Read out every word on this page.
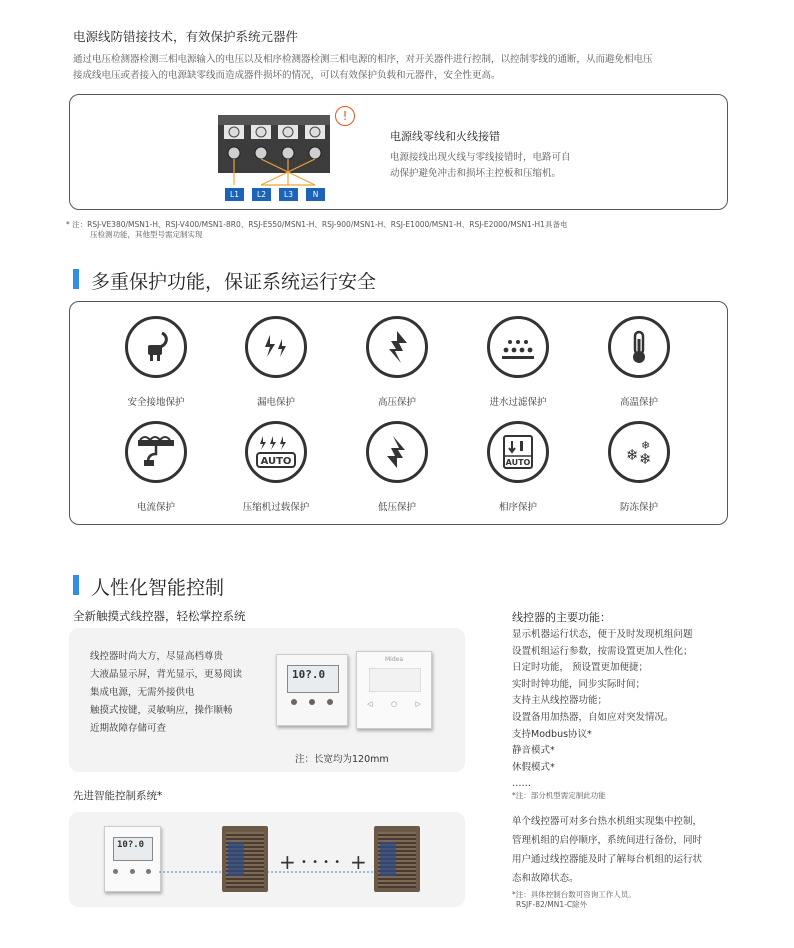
电源线防错接技术，有效保护系统元器件
通过电压检测器检测三相电源输入的电压以及相序检测器检测三相电源的相序，对开关器件进行控制，以控制零线的通断，从而避免相电压
接成线电压或者接入的电源缺零线而造成器件损坏的情况，可以有效保护负载和元器件，安全性更高。
L1	L2	L3	N
!
电源线零线和火线接错
电源接线出现火线与零线接错时，电路可自
动保护避免冲击和损坏主控板和压缩机。
* 注：RSJ-VE380/MSN1-H、RSJ-V400/MSN1-8R0、RSJ-E550/MSN1-H、RSJ-900/MSN1-H、RSJ-E1000/MSN1-H、RSJ-E2000/MSN1-H1具备电
压检测功能，其他型号需定制实现
多重保护功能，保证系统运行安全
安全接地保护	漏电保护	高压保护	进水过滤保护	高温保护
电流保护
AUTO
压缩机过载保护	低压保护
AUTO
相序保护
❄
❄ ❄
防冻保护
人性化智能控制
全新触摸式线控器，轻松掌控系统
线控器时尚大方，尽显高档尊贵
大液晶显示屏，背光显示，更易阅读
集成电源，无需外接供电
触摸式按键，灵敏响应，操作顺畅
近期故障存储可查
10?.0
Midea
◁	○	▷
注：长宽均为120mm
线控器的主要功能：
显示机器运行状态，便于及时发现机组问题
设置机组运行参数，按需设置更加人性化；
日定时功能， 预设置更加便捷；
实时时钟功能，同步实际时间；
支持主从线控器功能；
设置备用加热器，自如应对突发情况。
支持Modbus协议*
静音模式*
休假模式*
……
*注：部分机型需定制此功能
先进智能控制系统*
10?.0
+ • • • • +
单个线控器可对多台热水机组实现集中控制，
管理机组的启停顺序，系统间进行备份，同时
用户通过线控器能及时了解每台机组的运行状
态和故障状态。
*注：具体控制台数可咨询工作人员。
RSJF-82/MN1-C除外
